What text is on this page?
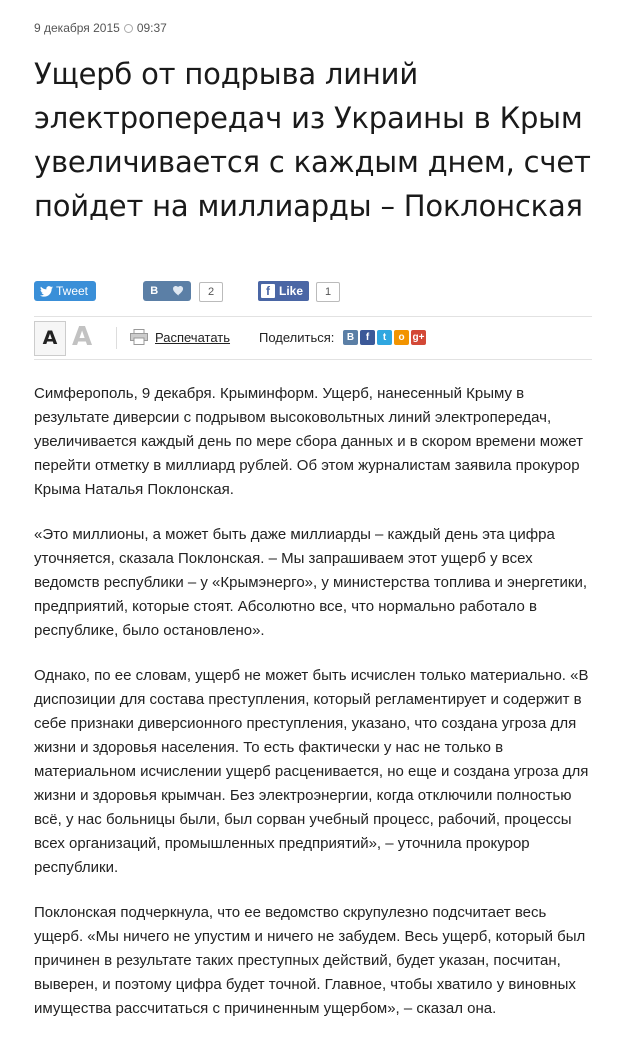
9 декабря 2015 09:37
Ущерб от подрыва линий электропередач из Украины в Крым увеличивается с каждым днем, счет пойдет на миллиарды – Поклонская
Tweet	B	2	f Like	1
A A	Распечатать Поделиться:	B	f	t	o g+

Симферополь, 9 декабря. Крыминформ. Ущерб, нанесенный Крыму в результате диверсии с подрывом высоковольтных линий электропередач, увеличивается каждый день по мере сбора данных и в скором времени может перейти отметку в миллиард рублей. Об этом журналистам заявила прокурор Крыма Наталья Поклонская.

«Это миллионы, а может быть даже миллиарды – каждый день эта цифра уточняется, сказала Поклонская. – Мы запрашиваем этот ущерб у всех ведомств республики – у «Крымэнерго», у министерства топлива и энергетики, предприятий, которые стоят. Абсолютно все, что нормально работало в республике, было остановлено».

Однако, по ее словам, ущерб не может быть исчислен только материально. «В диспозиции для состава преступления, который регламентирует и содержит в себе признаки диверсионного преступления, указано, что создана угроза для жизни и здоровья населения. То есть фактически у нас не только в материальном исчислении ущерб расценивается, но еще и создана угроза для жизни и здоровья крымчан. Без электроэнергии, когда отключили полностью всё, у нас больницы были, был сорван учебный процесс, рабочий, процессы всех организаций, промышленных предприятий», – уточнила прокурор республики.

Поклонская подчеркнула, что ее ведомство скрупулезно подсчитает весь ущерб. «Мы ничего не упустим и ничего не забудем. Весь ущерб, который был причинен в результате таких преступных действий, будет указан, посчитан, выверен, и поэтому цифра будет точной. Главное, чтобы хватило у виновных имущества рассчитаться с причиненным ущербом», – сказал она.
